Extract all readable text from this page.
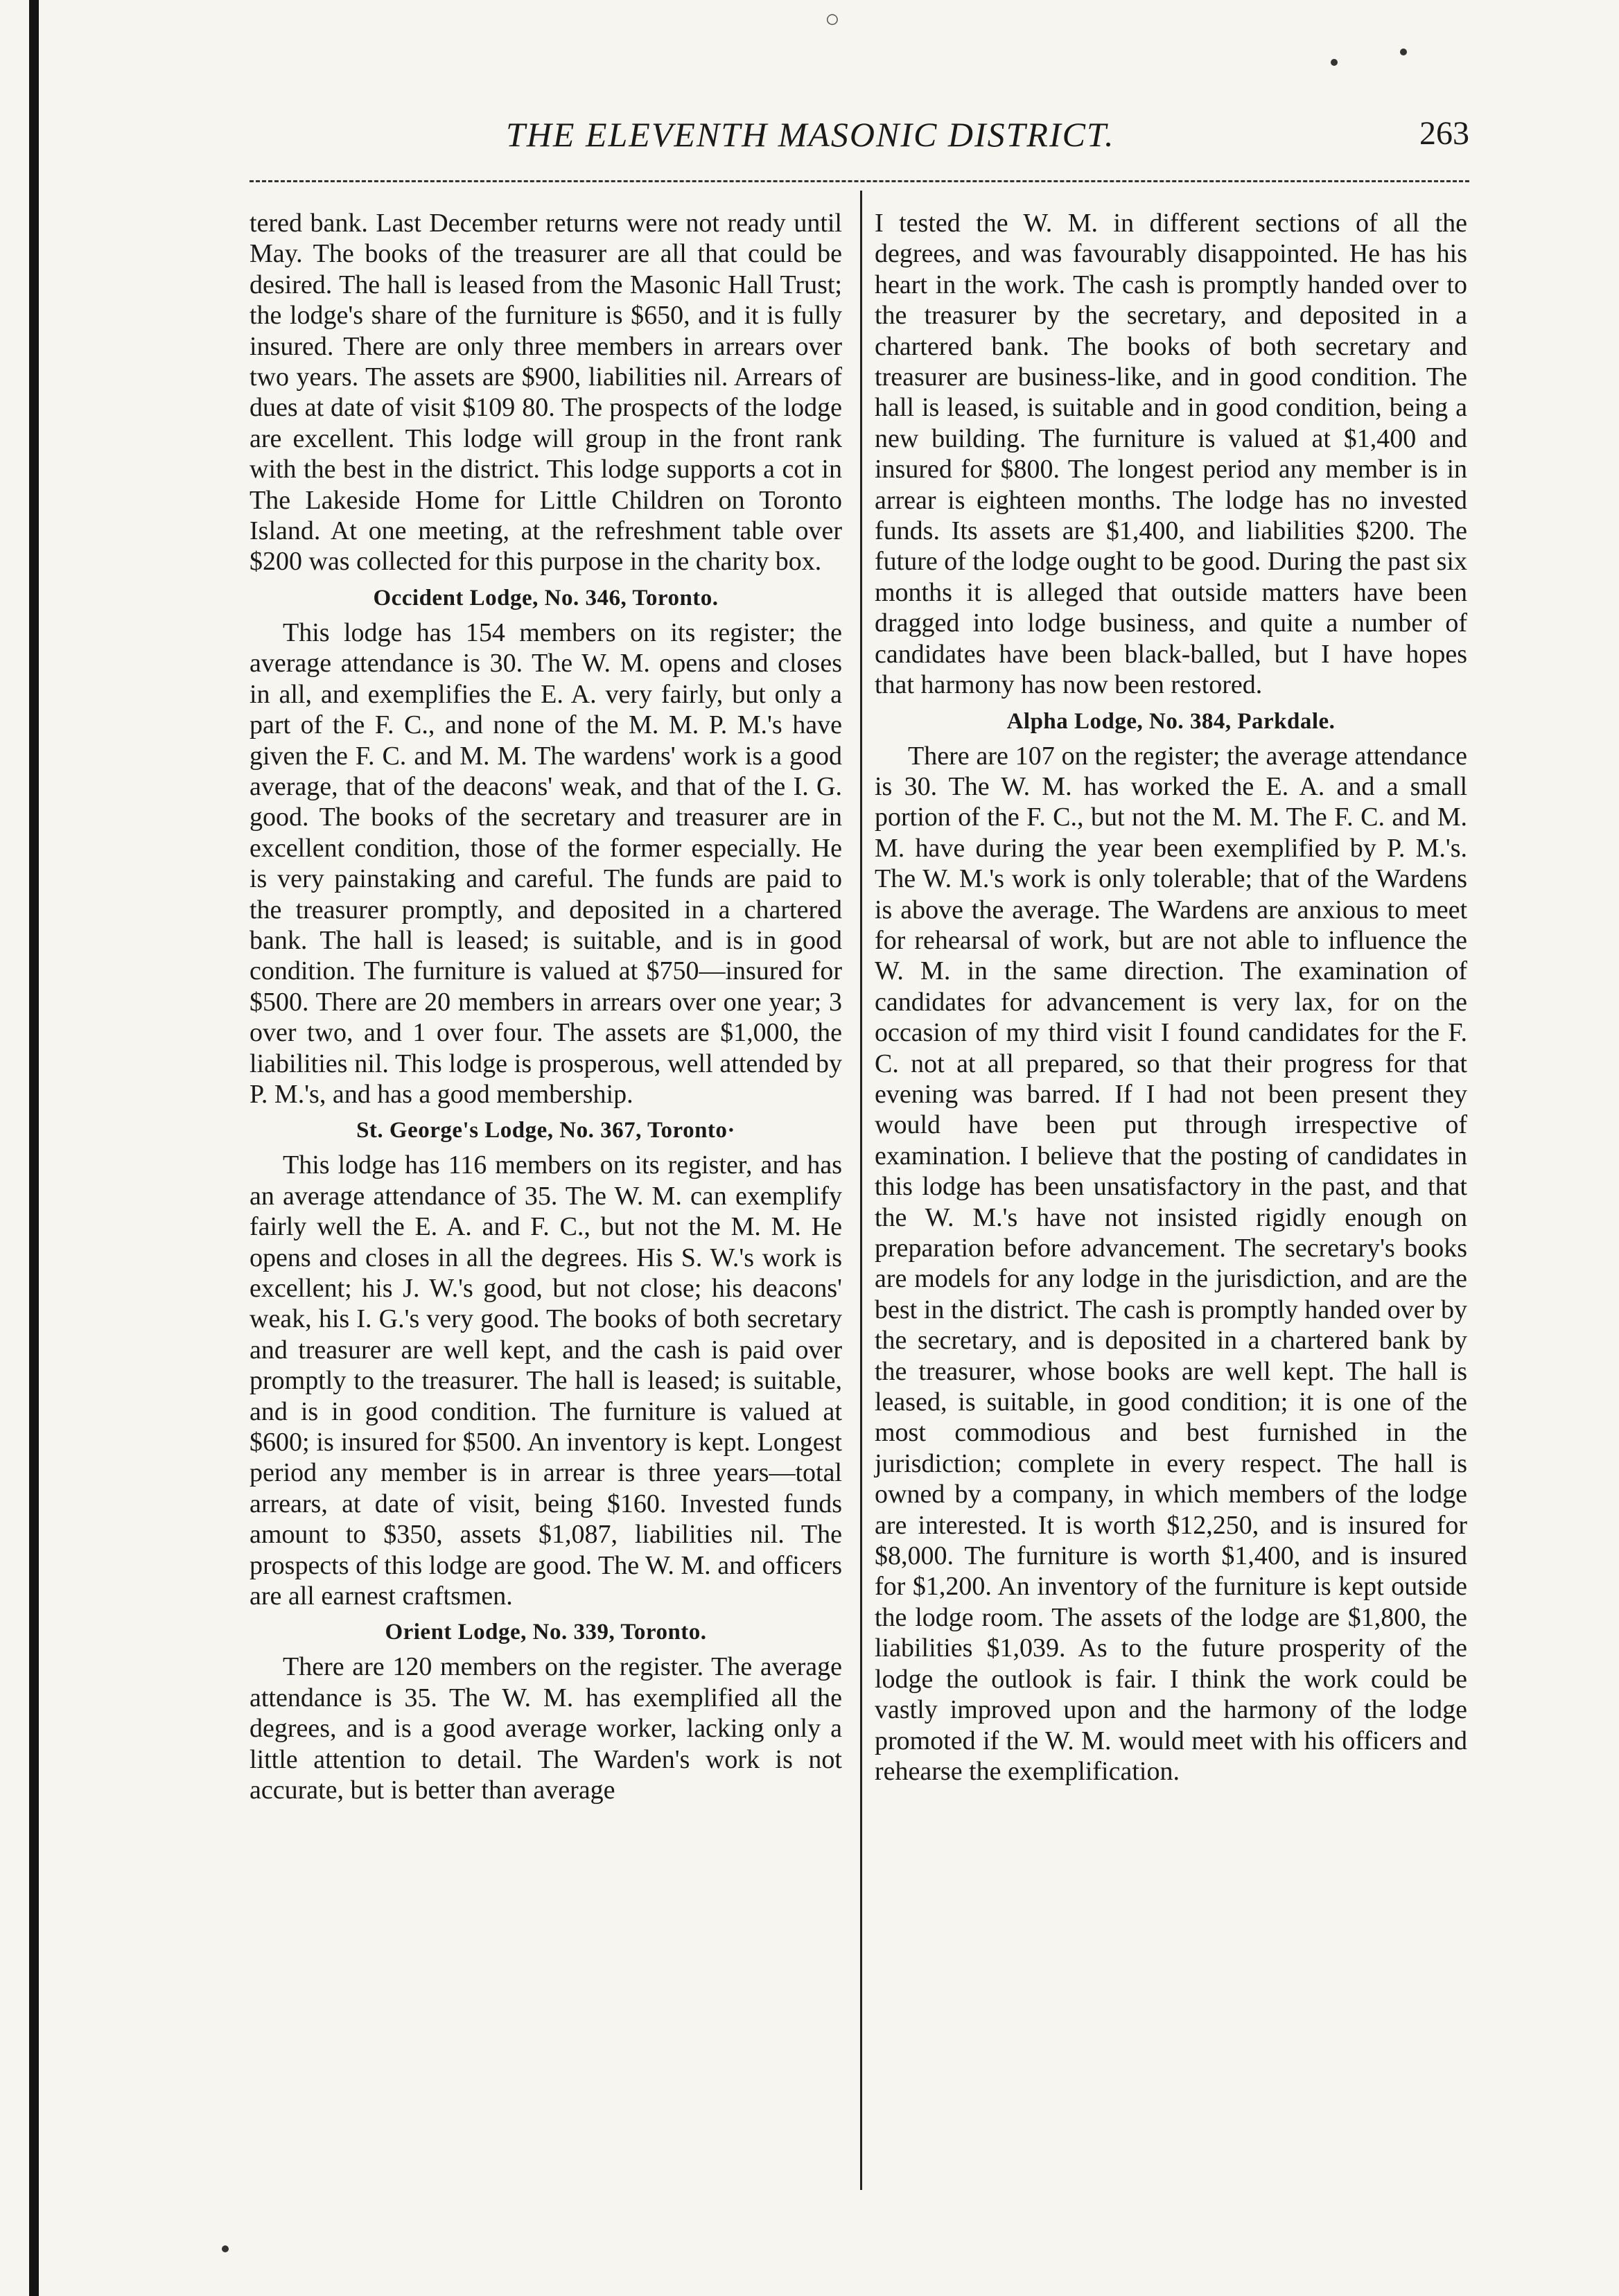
○
THE ELEVENTH MASONIC DISTRICT.	263

tered bank. Last December returns were not ready until May. The books of the treasurer are all that could be desired. The hall is leased from the Masonic Hall Trust; the lodge's share of the furniture is $650, and it is fully insured. There are only three members in arrears over two years. The assets are $900, liabilities nil. Arrears of dues at date of visit $109 80. The prospects of the lodge are excellent. This lodge will group in the front rank with the best in the district. This lodge supports a cot in The Lakeside Home for Little Children on Toronto Island. At one meeting, at the refreshment table over $200 was collected for this purpose in the charity box.

Occident Lodge, No. 346, Toronto.

This lodge has 154 members on its register; the average attendance is 30. The W. M. opens and closes in all, and exemplifies the E. A. very fairly, but only a part of the F. C., and none of the M. M. P. M.'s have given the F. C. and M. M. The wardens' work is a good average, that of the deacons' weak, and that of the I. G. good. The books of the secretary and treasurer are in excellent condition, those of the former especially. He is very painstaking and careful. The funds are paid to the treasurer promptly, and deposited in a chartered bank. The hall is leased; is suitable, and is in good condition. The furniture is valued at $750—insured for $500. There are 20 members in arrears over one year; 3 over two, and 1 over four. The assets are $1,000, the liabilities nil. This lodge is prosperous, well attended by P. M.'s, and has a good membership.

St. George's Lodge, No. 367, Toronto·

This lodge has 116 members on its register, and has an average attendance of 35. The W. M. can exemplify fairly well the E. A. and F. C., but not the M. M. He opens and closes in all the degrees. His S. W.'s work is excellent; his J. W.'s good, but not close; his deacons' weak, his I. G.'s very good. The books of both secretary and treasurer are well kept, and the cash is paid over promptly to the treasurer. The hall is leased; is suitable, and is in good condition. The furniture is valued at $600; is insured for $500. An inventory is kept. Longest period any member is in arrear is three years—total arrears, at date of visit, being $160. Invested funds amount to $350, assets $1,087, liabilities nil. The prospects of this lodge are good. The W. M. and officers are all earnest craftsmen.

Orient Lodge, No. 339, Toronto.

There are 120 members on the register. The average attendance is 35. The W. M. has exemplified all the degrees, and is a good average worker, lacking only a little attention to detail. The Warden's work is not accurate, but is better than average

I tested the W. M. in different sections of all the degrees, and was favourably disappointed. He has his heart in the work. The cash is promptly handed over to the treasurer by the secretary, and deposited in a chartered bank. The books of both secretary and treasurer are business-like, and in good condition. The hall is leased, is suitable and in good condition, being a new building. The furniture is valued at $1,400 and insured for $800. The longest period any member is in arrear is eighteen months. The lodge has no invested funds. Its assets are $1,400, and liabilities $200. The future of the lodge ought to be good. During the past six months it is alleged that outside matters have been dragged into lodge business, and quite a number of candidates have been black-balled, but I have hopes that harmony has now been restored.

Alpha Lodge, No. 384, Parkdale.

There are 107 on the register; the average attendance is 30. The W. M. has worked the E. A. and a small portion of the F. C., but not the M. M. The F. C. and M. M. have during the year been exemplified by P. M.'s. The W. M.'s work is only tolerable; that of the Wardens is above the average. The Wardens are anxious to meet for rehearsal of work, but are not able to influence the W. M. in the same direction. The examination of candidates for advancement is very lax, for on the occasion of my third visit I found candidates for the F. C. not at all prepared, so that their progress for that evening was barred. If I had not been present they would have been put through irrespective of examination. I believe that the posting of candidates in this lodge has been unsatisfactory in the past, and that the W. M.'s have not insisted rigidly enough on preparation before advancement. The secretary's books are models for any lodge in the jurisdiction, and are the best in the district. The cash is promptly handed over by the secretary, and is deposited in a chartered bank by the treasurer, whose books are well kept. The hall is leased, is suitable, in good condition; it is one of the most commodious and best furnished in the jurisdiction; complete in every respect. The hall is owned by a company, in which members of the lodge are interested. It is worth $12,250, and is insured for $8,000. The furniture is worth $1,400, and is insured for $1,200. An inventory of the furniture is kept outside the lodge room. The assets of the lodge are $1,800, the liabilities $1,039. As to the future prosperity of the lodge the outlook is fair. I think the work could be vastly improved upon and the harmony of the lodge promoted if the W. M. would meet with his officers and rehearse the exemplification.
